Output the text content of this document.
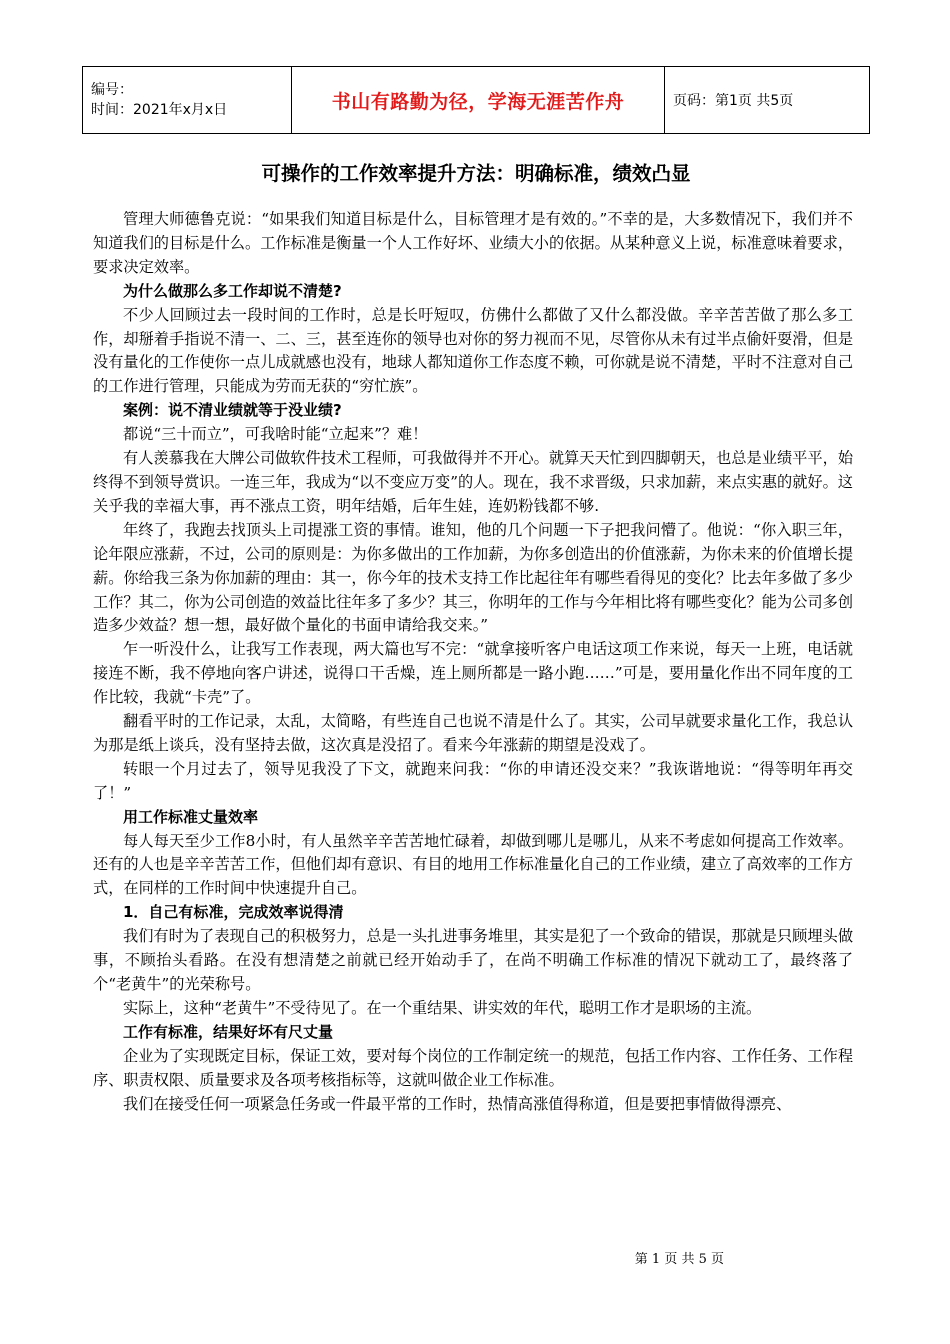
编号：
时间：2021年x月x日	书山有路勤为径，学海无涯苦作舟	页码：第1页 共5页
可操作的工作效率提升方法：明确标准，绩效凸显

管理大师德鲁克说：“如果我们知道目标是什么，目标管理才是有效的。”不幸的是，大多数情况下，我们并不知道我们的目标是什么。工作标准是衡量一个人工作好坏、业绩大小的依据。从某种意义上说，标准意味着要求，要求决定效率。

为什么做那么多工作却说不清楚?

不少人回顾过去一段时间的工作时，总是长吁短叹，仿佛什么都做了又什么都没做。辛辛苦苦做了那么多工作，却掰着手指说不清一、二、三，甚至连你的领导也对你的努力视而不见，尽管你从未有过半点偷奸耍滑，但是没有量化的工作使你一点儿成就感也没有，地球人都知道你工作态度不赖，可你就是说不清楚，平时不注意对自己的工作进行管理，只能成为劳而无获的“穷忙族”。

案例：说不清业绩就等于没业绩?

都说“三十而立”，可我啥时能“立起来”？难！

有人羡慕我在大牌公司做软件技术工程师，可我做得并不开心。就算天天忙到四脚朝天，也总是业绩平平，始终得不到领导赏识。一连三年，我成为“以不变应万变”的人。现在，我不求晋级，只求加薪，来点实惠的就好。这关乎我的幸福大事，再不涨点工资，明年结婚，后年生娃，连奶粉钱都不够.

年终了，我跑去找顶头上司提涨工资的事情。谁知，他的几个问题一下子把我问懵了。他说：“你入职三年，论年限应涨薪，不过，公司的原则是：为你多做出的工作加薪，为你多创造出的价值涨薪，为你未来的价值增长提薪。你给我三条为你加薪的理由：其一，你今年的技术支持工作比起往年有哪些看得见的变化？比去年多做了多少工作？其二，你为公司创造的效益比往年多了多少？其三，你明年的工作与今年相比将有哪些变化？能为公司多创造多少效益？想一想，最好做个量化的书面申请给我交来。”

乍一听没什么，让我写工作表现，两大篇也写不完：“就拿接听客户电话这项工作来说，每天一上班，电话就接连不断，我不停地向客户讲述，说得口干舌燥，连上厕所都是一路小跑……”可是，要用量化作出不同年度的工作比较，我就“卡壳”了。

翻看平时的工作记录，太乱，太简略，有些连自己也说不清是什么了。其实，公司早就要求量化工作，我总认为那是纸上谈兵，没有坚持去做，这次真是没招了。看来今年涨薪的期望是没戏了。

转眼一个月过去了，领导见我没了下文，就跑来问我：“你的申请还没交来？”我诙谐地说：“得等明年再交了！”

用工作标准丈量效率

每人每天至少工作8小时，有人虽然辛辛苦苦地忙碌着，却做到哪儿是哪儿，从来不考虑如何提高工作效率。还有的人也是辛辛苦苦工作，但他们却有意识、有目的地用工作标准量化自己的工作业绩，建立了高效率的工作方式，在同样的工作时间中快速提升自己。

1．自己有标准，完成效率说得清

我们有时为了表现自己的积极努力，总是一头扎进事务堆里，其实是犯了一个致命的错误，那就是只顾埋头做事，不顾抬头看路。在没有想清楚之前就已经开始动手了，在尚不明确工作标准的情况下就动工了，最终落了个“老黄牛”的光荣称号。

实际上，这种“老黄牛”不受待见了。在一个重结果、讲实效的年代，聪明工作才是职场的主流。

工作有标准，结果好坏有尺丈量

企业为了实现既定目标，保证工效，要对每个岗位的工作制定统一的规范，包括工作内容、工作任务、工作程序、职责权限、质量要求及各项考核指标等，这就叫做企业工作标准。

我们在接受任何一项紧急任务或一件最平常的工作时，热情高涨值得称道，但是要把事情做得漂亮、

第 1 页 共 5 页
